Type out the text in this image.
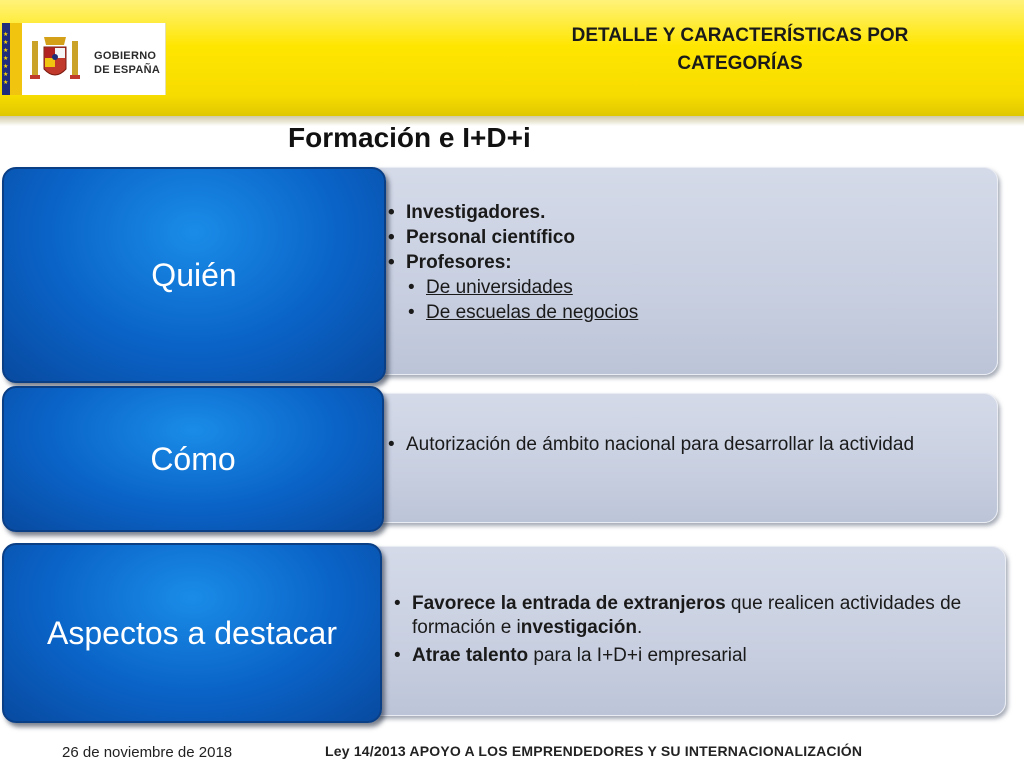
★
★
★
★
★
★
★
GOBIERNO
DE ESPAÑA
DETALLE Y CARACTERÍSTICAS POR
CATEGORÍAS
Formación e I+D+i
Quién
• Investigadores.
• Personal científico
• Profesores:
• De universidades
• De escuelas de negocios
Cómo
•	Autorización de ámbito nacional para desarrollar la actividad
Aspectos a destacar
• Favorece la entrada de extranjeros que realicen actividades de formación e investigación.
• Atrae talento para la I+D+i empresarial
26 de noviembre de 2018	Ley 14/2013 APOYO A LOS EMPRENDEDORES Y SU INTERNACIONALIZACIÓN
